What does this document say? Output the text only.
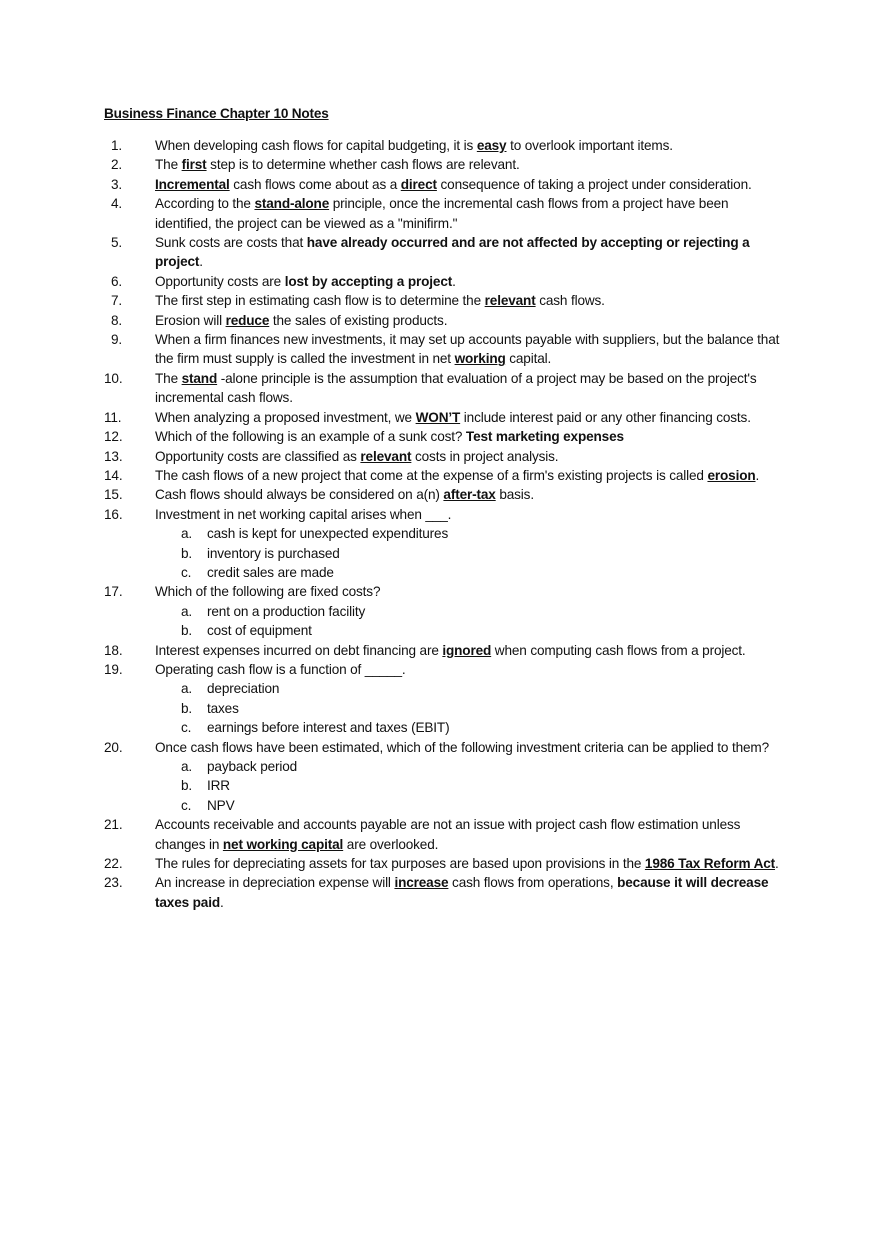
Business Finance Chapter 10 Notes
1.	When developing cash flows for capital budgeting, it is easy to overlook important items.
2.	The first step is to determine whether cash flows are relevant.
3.	Incremental cash flows come about as a direct consequence of taking a project under consideration.
4.	According to the stand-alone principle, once the incremental cash flows from a project have been identified, the project can be viewed as a "minifirm."
5.	Sunk costs are costs that have already occurred and are not affected by accepting or rejecting a project.
6.	Opportunity costs are lost by accepting a project.
7.	The first step in estimating cash flow is to determine the relevant cash flows.
8.	Erosion will reduce the sales of existing products.
9.	When a firm finances new investments, it may set up accounts payable with suppliers, but the balance that the firm must supply is called the investment in net working capital.
10.	The stand -alone principle is the assumption that evaluation of a project may be based on the project's incremental cash flows.
11.	When analyzing a proposed investment, we WON’T include interest paid or any other financing costs.
12.	Which of the following is an example of a sunk cost? Test marketing expenses
13.	Opportunity costs are classified as relevant costs in project analysis.
14.	The cash flows of a new project that come at the expense of a firm's existing projects is called erosion.
15.	Cash flows should always be considered on a(n) after-tax basis.
16.	Investment in net working capital arises when ___.
a. cash is kept for unexpected expenditures
b. inventory is purchased
c. credit sales are made
17.	Which of the following are fixed costs?
a. rent on a production facility
b. cost of equipment
18.	Interest expenses incurred on debt financing are ignored when computing cash flows from a project.
19.	Operating cash flow is a function of _____.
a. depreciation
b. taxes
c. earnings before interest and taxes (EBIT)
20.	Once cash flows have been estimated, which of the following investment criteria can be applied to them?
a. payback period
b. IRR
c. NPV
21.	Accounts receivable and accounts payable are not an issue with project cash flow estimation unless changes in net working capital are overlooked.
22.	The rules for depreciating assets for tax purposes are based upon provisions in the 1986 Tax Reform Act.
23.	An increase in depreciation expense will increase cash flows from operations, because it will decrease taxes paid.
